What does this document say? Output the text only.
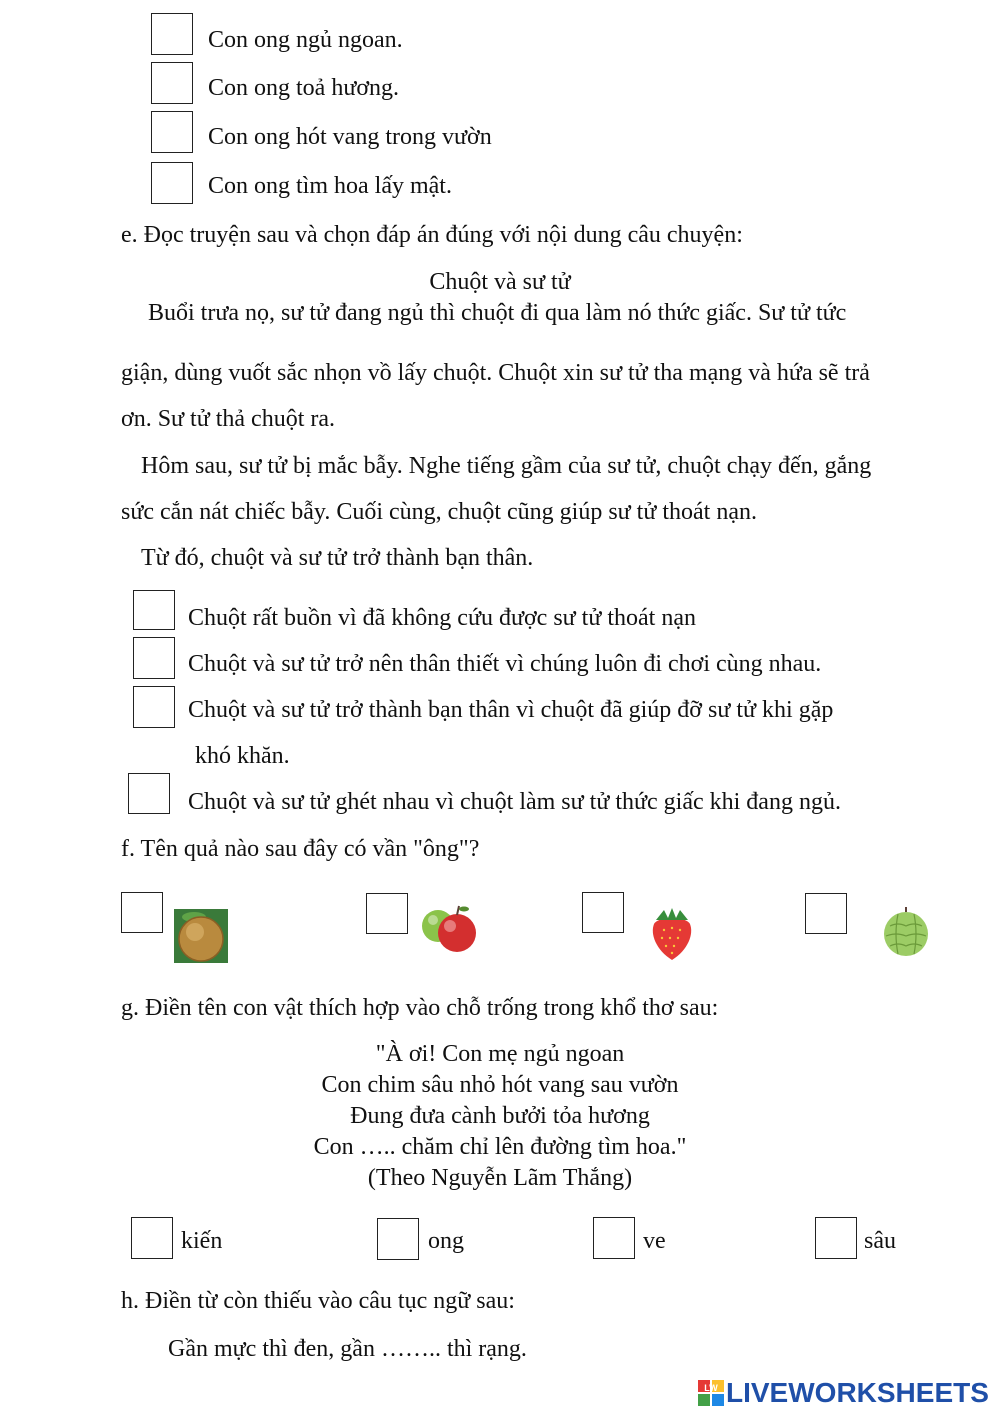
Con ong ngủ ngoan.
Con ong toả hương.
Con ong hót vang trong vườn
Con ong tìm hoa lấy mật.
e. Đọc truyện sau và chọn đáp án đúng với nội dung câu chuyện:
Chuột và sư tử
Buổi trưa nọ, sư tử đang ngủ thì chuột đi qua làm nó thức giấc. Sư tử tức
giận, dùng vuốt sắc nhọn vồ lấy chuột. Chuột xin sư tử tha mạng và hứa sẽ trả
ơn. Sư tử thả chuột ra.
Hôm sau, sư tử bị mắc bẫy. Nghe tiếng gầm của sư tử, chuột chạy đến, gắng
sức cắn nát chiếc bẫy. Cuối cùng, chuột cũng giúp sư tử thoát nạn.
Từ đó, chuột và sư tử trở thành bạn thân.
Chuột rất buồn vì đã không cứu được sư tử thoát nạn
Chuột và sư tử trở nên thân thiết vì chúng luôn đi chơi cùng nhau.
Chuột và sư tử trở thành bạn thân vì chuột đã giúp đỡ sư tử khi gặp
khó khăn.
Chuột và sư tử ghét nhau vì chuột làm sư tử thức giấc khi đang ngủ.
f. Tên quả nào sau đây có vần "ông"?
g. Điền tên con vật thích hợp vào chỗ trống trong khổ thơ sau:
"À ơi! Con mẹ ngủ ngoan
Con chim sâu nhỏ hót vang sau vườn
Đung đưa cành bưởi tỏa hương
Con ….. chăm chỉ lên đường tìm hoa."
(Theo Nguyễn Lãm Thắng)
kiến	ong	ve	sâu
h. Điền từ còn thiếu vào câu tục ngữ sau:
Gần mực thì đen, gần …….. thì rạng.
LW LIVEWORKSHEETS
